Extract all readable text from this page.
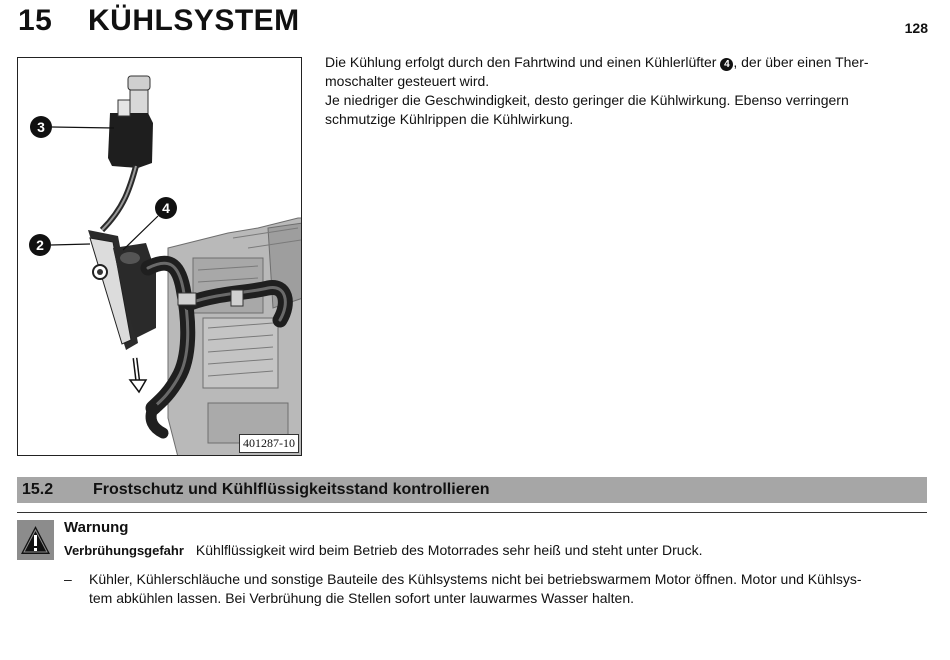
15 KÜHLSYSTEM	128
3
4
2
401287-10

Die Kühlung erfolgt durch den Fahrtwind und einen Kühlerlüfter 4 , der über einen Ther-

moschalter gesteuert wird.

Je niedriger die Geschwindigkeit, desto geringer die Kühlwirkung. Ebenso verringern

schmutzige Kühlrippen die Kühlwirkung.

15.2 Frostschutz und Kühlflüssigkeitsstand kontrollieren
Warnung
Verbrühungsgefahr Kühlflüssigkeit wird beim Betrieb des Motorrades sehr heiß und steht unter Druck.
– Kühler, Kühlerschläuche und sonstige Bauteile des Kühlsystems nicht bei betriebswarmem Motor öffnen. Motor und Kühlsys-
tem abkühlen lassen. Bei Verbrühung die Stellen sofort unter lauwarmes Wasser halten.
